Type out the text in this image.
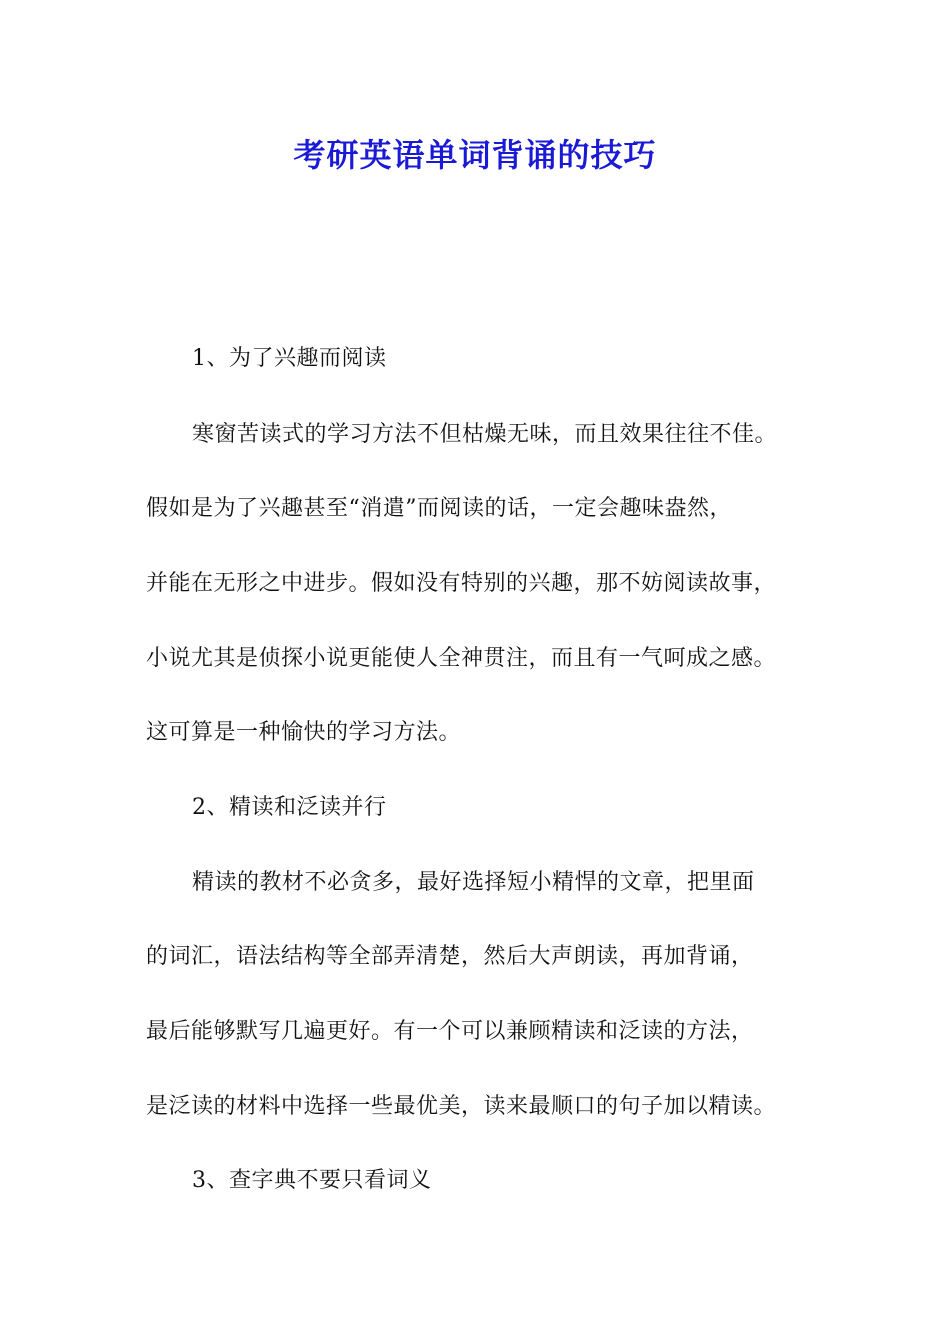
考研英语单词背诵的技巧
1、为了兴趣而阅读
寒窗苦读式的学习方法不但枯燥无味，而且效果往往不佳。
假如是为了兴趣甚至“消遣”而阅读的话，一定会趣味盎然，
并能在无形之中进步。假如没有特别的兴趣，那不妨阅读故事，
小说尤其是侦探小说更能使人全神贯注，而且有一气呵成之感。
这可算是一种愉快的学习方法。
2、精读和泛读并行
精读的教材不必贪多，最好选择短小精悍的文章，把里面
的词汇，语法结构等全部弄清楚，然后大声朗读，再加背诵，
最后能够默写几遍更好。有一个可以兼顾精读和泛读的方法，
是泛读的材料中选择一些最优美，读来最顺口的句子加以精读。
3、查字典不要只看词义
